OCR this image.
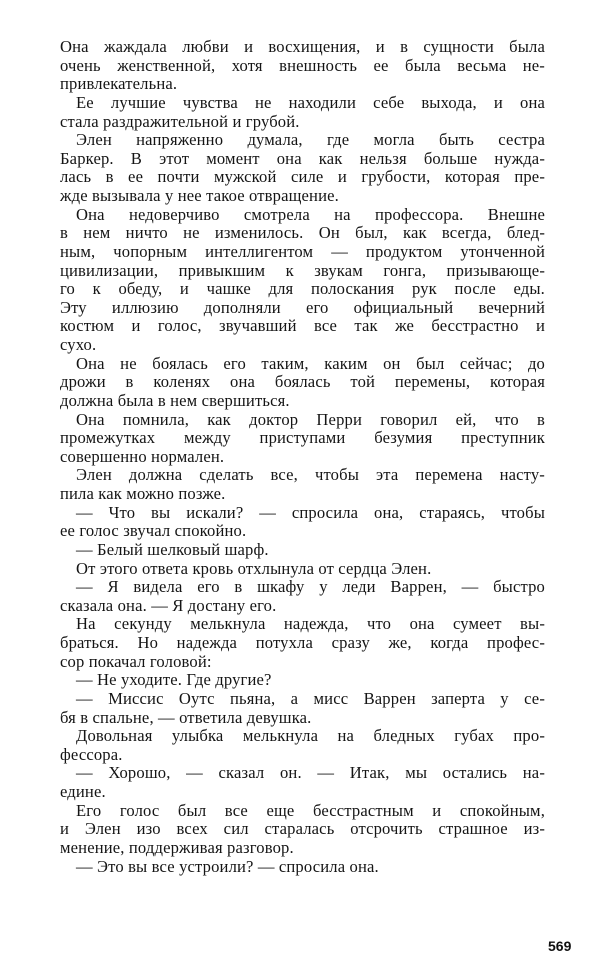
Она жаждала любви и восхищения, и в сущности была
очень женственной, хотя внешность ее была весьма не-
привлекательна.
Ее лучшие чувства не находили себе выхода, и она
стала раздражительной и грубой.
Элен напряженно думала, где могла быть сестра
Баркер. В этот момент она как нельзя больше нужда-
лась в ее почти мужской силе и грубости, которая пре-
жде вызывала у нее такое отвращение.
Она недоверчиво смотрела на профессора. Внешне
в нем ничто не изменилось. Он был, как всегда, блед-
ным, чопорным интеллигентом — продуктом утонченной
цивилизации, привыкшим к звукам гонга, призывающе-
го к обеду, и чашке для полоскания рук после еды.
Эту иллюзию дополняли его официальный вечерний
костюм и голос, звучавший все так же бесстрастно и
сухо.
Она не боялась его таким, каким он был сейчас; до
дрожи в коленях она боялась той перемены, которая
должна была в нем свершиться.
Она помнила, как доктор Перри говорил ей, что в
промежутках между приступами безумия преступник
совершенно нормален.
Элен должна сделать все, чтобы эта перемена насту-
пила как можно позже.
— Что вы искали? — спросила она, стараясь, чтобы
ее голос звучал спокойно.
— Белый шелковый шарф.
От этого ответа кровь отхлынула от сердца Элен.
— Я видела его в шкафу у леди Варрен, — быстро
сказала она. — Я достану его.
На секунду мелькнула надежда, что она сумеет вы-
браться. Но надежда потухла сразу же, когда профес-
сор покачал головой:
— Не уходите. Где другие?
— Миссис Оутс пьяна, а мисс Варрен заперта у се-
бя в спальне, — ответила девушка.
Довольная улыбка мелькнула на бледных губах про-
фессора.
— Хорошо, — сказал он. — Итак, мы остались на-
едине.
Его голос был все еще бесстрастным и спокойным,
и Элен изо всех сил старалась отсрочить страшное из-
менение, поддерживая разговор.
— Это вы все устроили? — спросила она.
569
